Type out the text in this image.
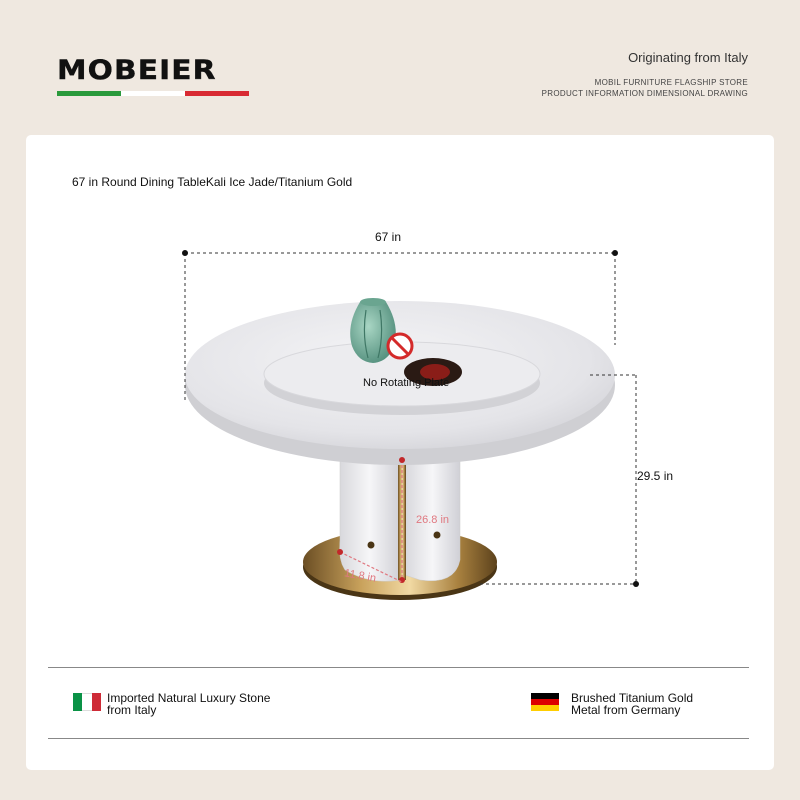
MOBEIER	Originating from Italy
MOBIL FURNITURE FLAGSHIP STORE
PRODUCT INFORMATION DIMENSIONAL DRAWING
67 in Round Dining TableKali Ice Jade/Titanium Gold
No Rotating Plate
67 in
29.5 in
26.8 in
11.8 in
Imported Natural Luxury Stone from Italy
Brushed Titanium Gold Metal from Germany
